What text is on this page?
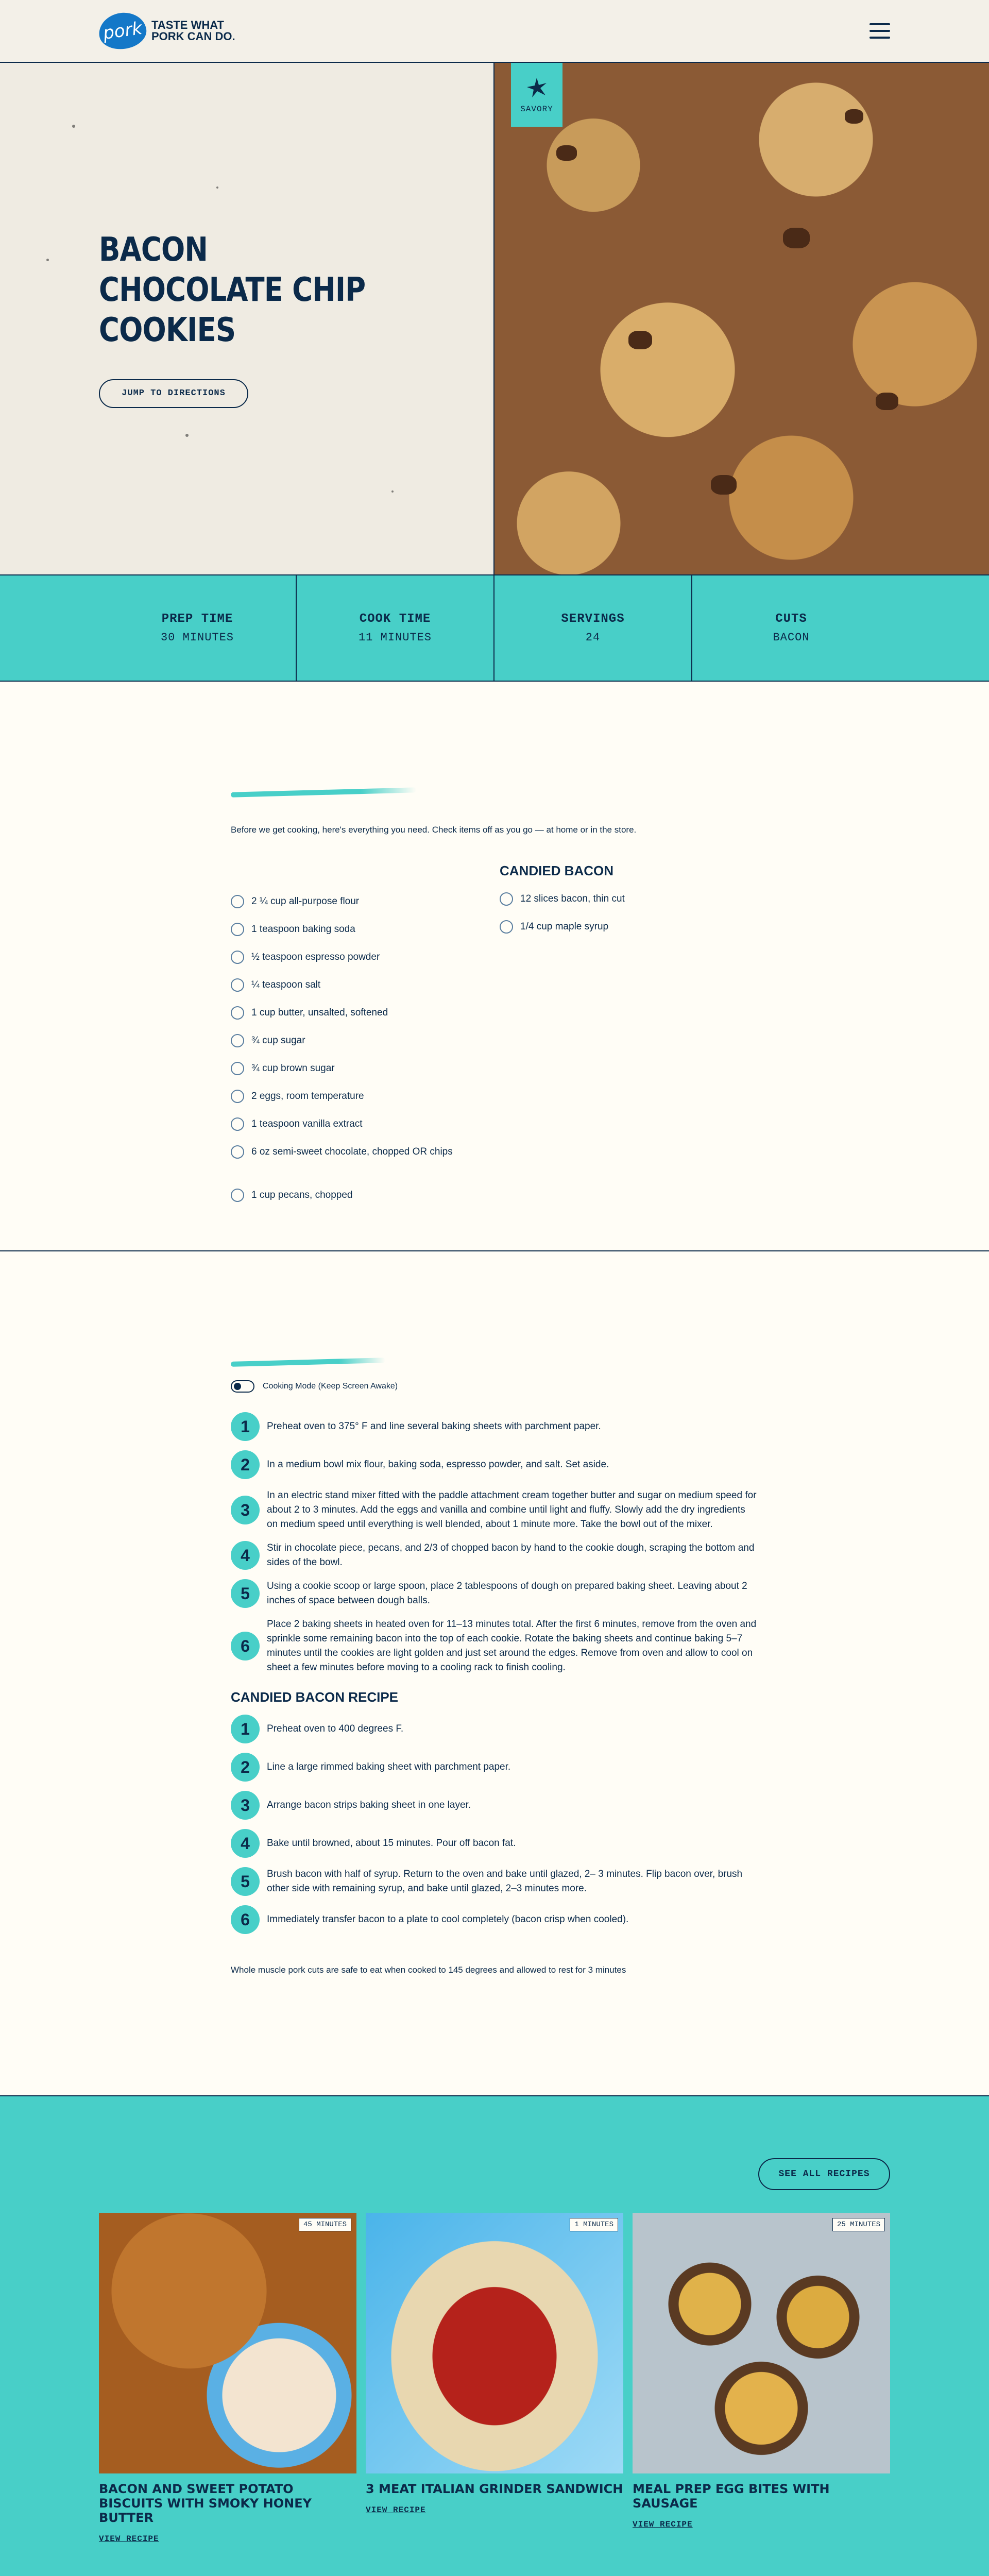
pork TASTE WHAT
PORK CAN DO.
BACON CHOCOLATE CHIP COOKIES
JUMP TO DIRECTIONS
SAVORY
PREP TIME
30 MINUTES
COOK TIME
11 MINUTES
SERVINGS
24
CUTS
BACON

Before we get cooking, here's everything you need. Check items off as you go — at home or in the store.

2 ¼ cup all-purpose flour
1 teaspoon baking soda
½ teaspoon espresso powder
¼ teaspoon salt
1 cup butter, unsalted, softened
¾ cup sugar
¾ cup brown sugar
2 eggs, room temperature
1 teaspoon vanilla extract
6 oz semi-sweet chocolate, chopped OR chips
1 cup pecans, chopped
CANDIED BACON
12 slices bacon, thin cut
1/4 cup maple syrup
Cooking Mode (Keep Screen Awake)
1	Preheat oven to 375° F and line several baking sheets with parchment paper.
2	In a medium bowl mix flour, baking soda, espresso powder, and salt. Set aside.
3
In an electric stand mixer fitted with the paddle attachment cream together butter and sugar on medium speed for about 2 to 3 minutes. Add the eggs and vanilla and combine until light and fluffy. Slowly add the dry ingredients on medium speed until everything is well blended, about 1 minute more. Take the bowl out of the mixer.
4	Stir in chocolate piece, pecans, and 2/3 of chopped bacon by hand to the cookie dough, scraping the bottom and sides of the bowl.
5	Using a cookie scoop or large spoon, place 2 tablespoons of dough on prepared baking sheet. Leaving about 2 inches of space between dough balls.
6
Place 2 baking sheets in heated oven for 11–13 minutes total. After the first 6 minutes, remove from the oven and sprinkle some remaining bacon into the top of each cookie. Rotate the baking sheets and continue baking 5–7 minutes until the cookies are light golden and just set around the edges. Remove from oven and allow to cool on sheet a few minutes before moving to a cooling rack to finish cooling.
CANDIED BACON RECIPE
1	Preheat oven to 400 degrees F.
2	Line a large rimmed baking sheet with parchment paper.
3	Arrange bacon strips baking sheet in one layer.
4	Bake until browned, about 15 minutes. Pour off bacon fat.
5	Brush bacon with half of syrup. Return to the oven and bake until glazed, 2– 3 minutes. Flip bacon over, brush other side with remaining syrup, and bake until glazed, 2–3 minutes more.
6	Immediately transfer bacon to a plate to cool completely (bacon crisp when cooled).

Whole muscle pork cuts are safe to eat when cooked to 145 degrees and allowed to rest for 3 minutes

SEE ALL RECIPES
45 MINUTES
BACON AND SWEET POTATO BISCUITS WITH SMOKY HONEY BUTTER
VIEW RECIPE
1 MINUTES
3 MEAT ITALIAN GRINDER SANDWICH
VIEW RECIPE
25 MINUTES
MEAL PREP EGG BITES WITH SAUSAGE
VIEW RECIPE
